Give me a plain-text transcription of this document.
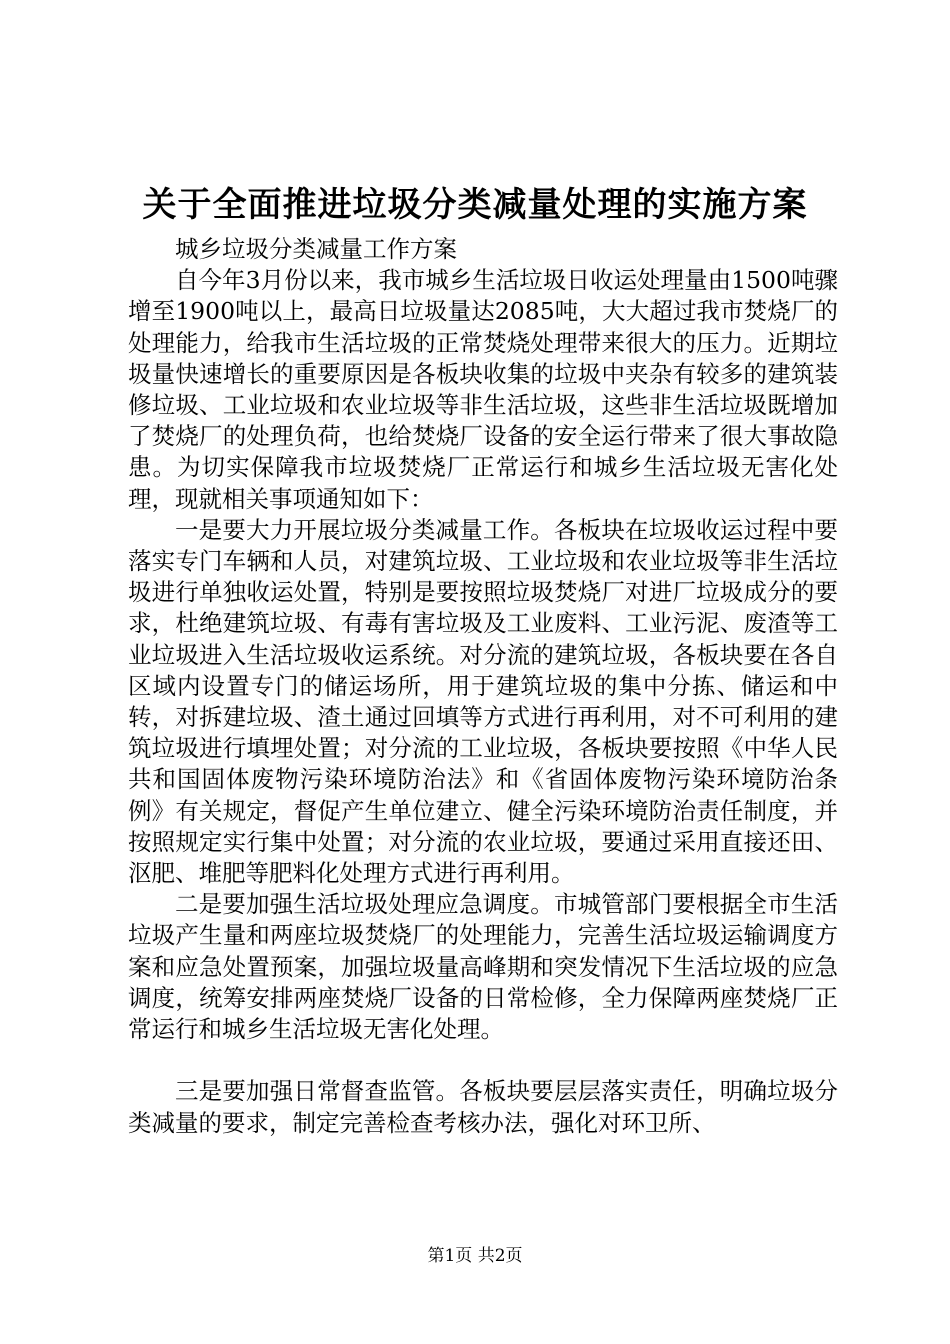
关于全面推进垃圾分类减量处理的实施方案

城乡垃圾分类减量工作方案

自今年3月份以来，我市城乡生活垃圾日收运处理量由1500吨骤增至1900吨以上，最高日垃圾量达2085吨，大大超过我市焚烧厂的处理能力，给我市生活垃圾的正常焚烧处理带来很大的压力。近期垃圾量快速增长的重要原因是各板块收集的垃圾中夹杂有较多的建筑装修垃圾、工业垃圾和农业垃圾等非生活垃圾，这些非生活垃圾既增加了焚烧厂的处理负荷，也给焚烧厂设备的安全运行带来了很大事故隐患。为切实保障我市垃圾焚烧厂正常运行和城乡生活垃圾无害化处理，现就相关事项通知如下：

一是要大力开展垃圾分类减量工作。各板块在垃圾收运过程中要落实专门车辆和人员，对建筑垃圾、工业垃圾和农业垃圾等非生活垃圾进行单独收运处置，特别是要按照垃圾焚烧厂对进厂垃圾成分的要求，杜绝建筑垃圾、有毒有害垃圾及工业废料、工业污泥、废渣等工业垃圾进入生活垃圾收运系统。对分流的建筑垃圾，各板块要在各自区域内设置专门的储运场所，用于建筑垃圾的集中分拣、储运和中转，对拆建垃圾、渣土通过回填等方式进行再利用，对不可利用的建筑垃圾进行填埋处置；对分流的工业垃圾，各板块要按照《中华人民共和国固体废物污染环境防治法》和《省固体废物污染环境防治条例》有关规定，督促产生单位建立、健全污染环境防治责任制度，并按照规定实行集中处置；对分流的农业垃圾，要通过采用直接还田、沤肥、堆肥等肥料化处理方式进行再利用。

二是要加强生活垃圾处理应急调度。市城管部门要根据全市生活垃圾产生量和两座垃圾焚烧厂的处理能力，完善生活垃圾运输调度方案和应急处置预案，加强垃圾量高峰期和突发情况下生活垃圾的应急调度，统筹安排两座焚烧厂设备的日常检修，全力保障两座焚烧厂正常运行和城乡生活垃圾无害化处理。

三是要加强日常督查监管。各板块要层层落实责任，明确垃圾分类减量的要求，制定完善检查考核办法，强化对环卫所、

第1页 共2页
